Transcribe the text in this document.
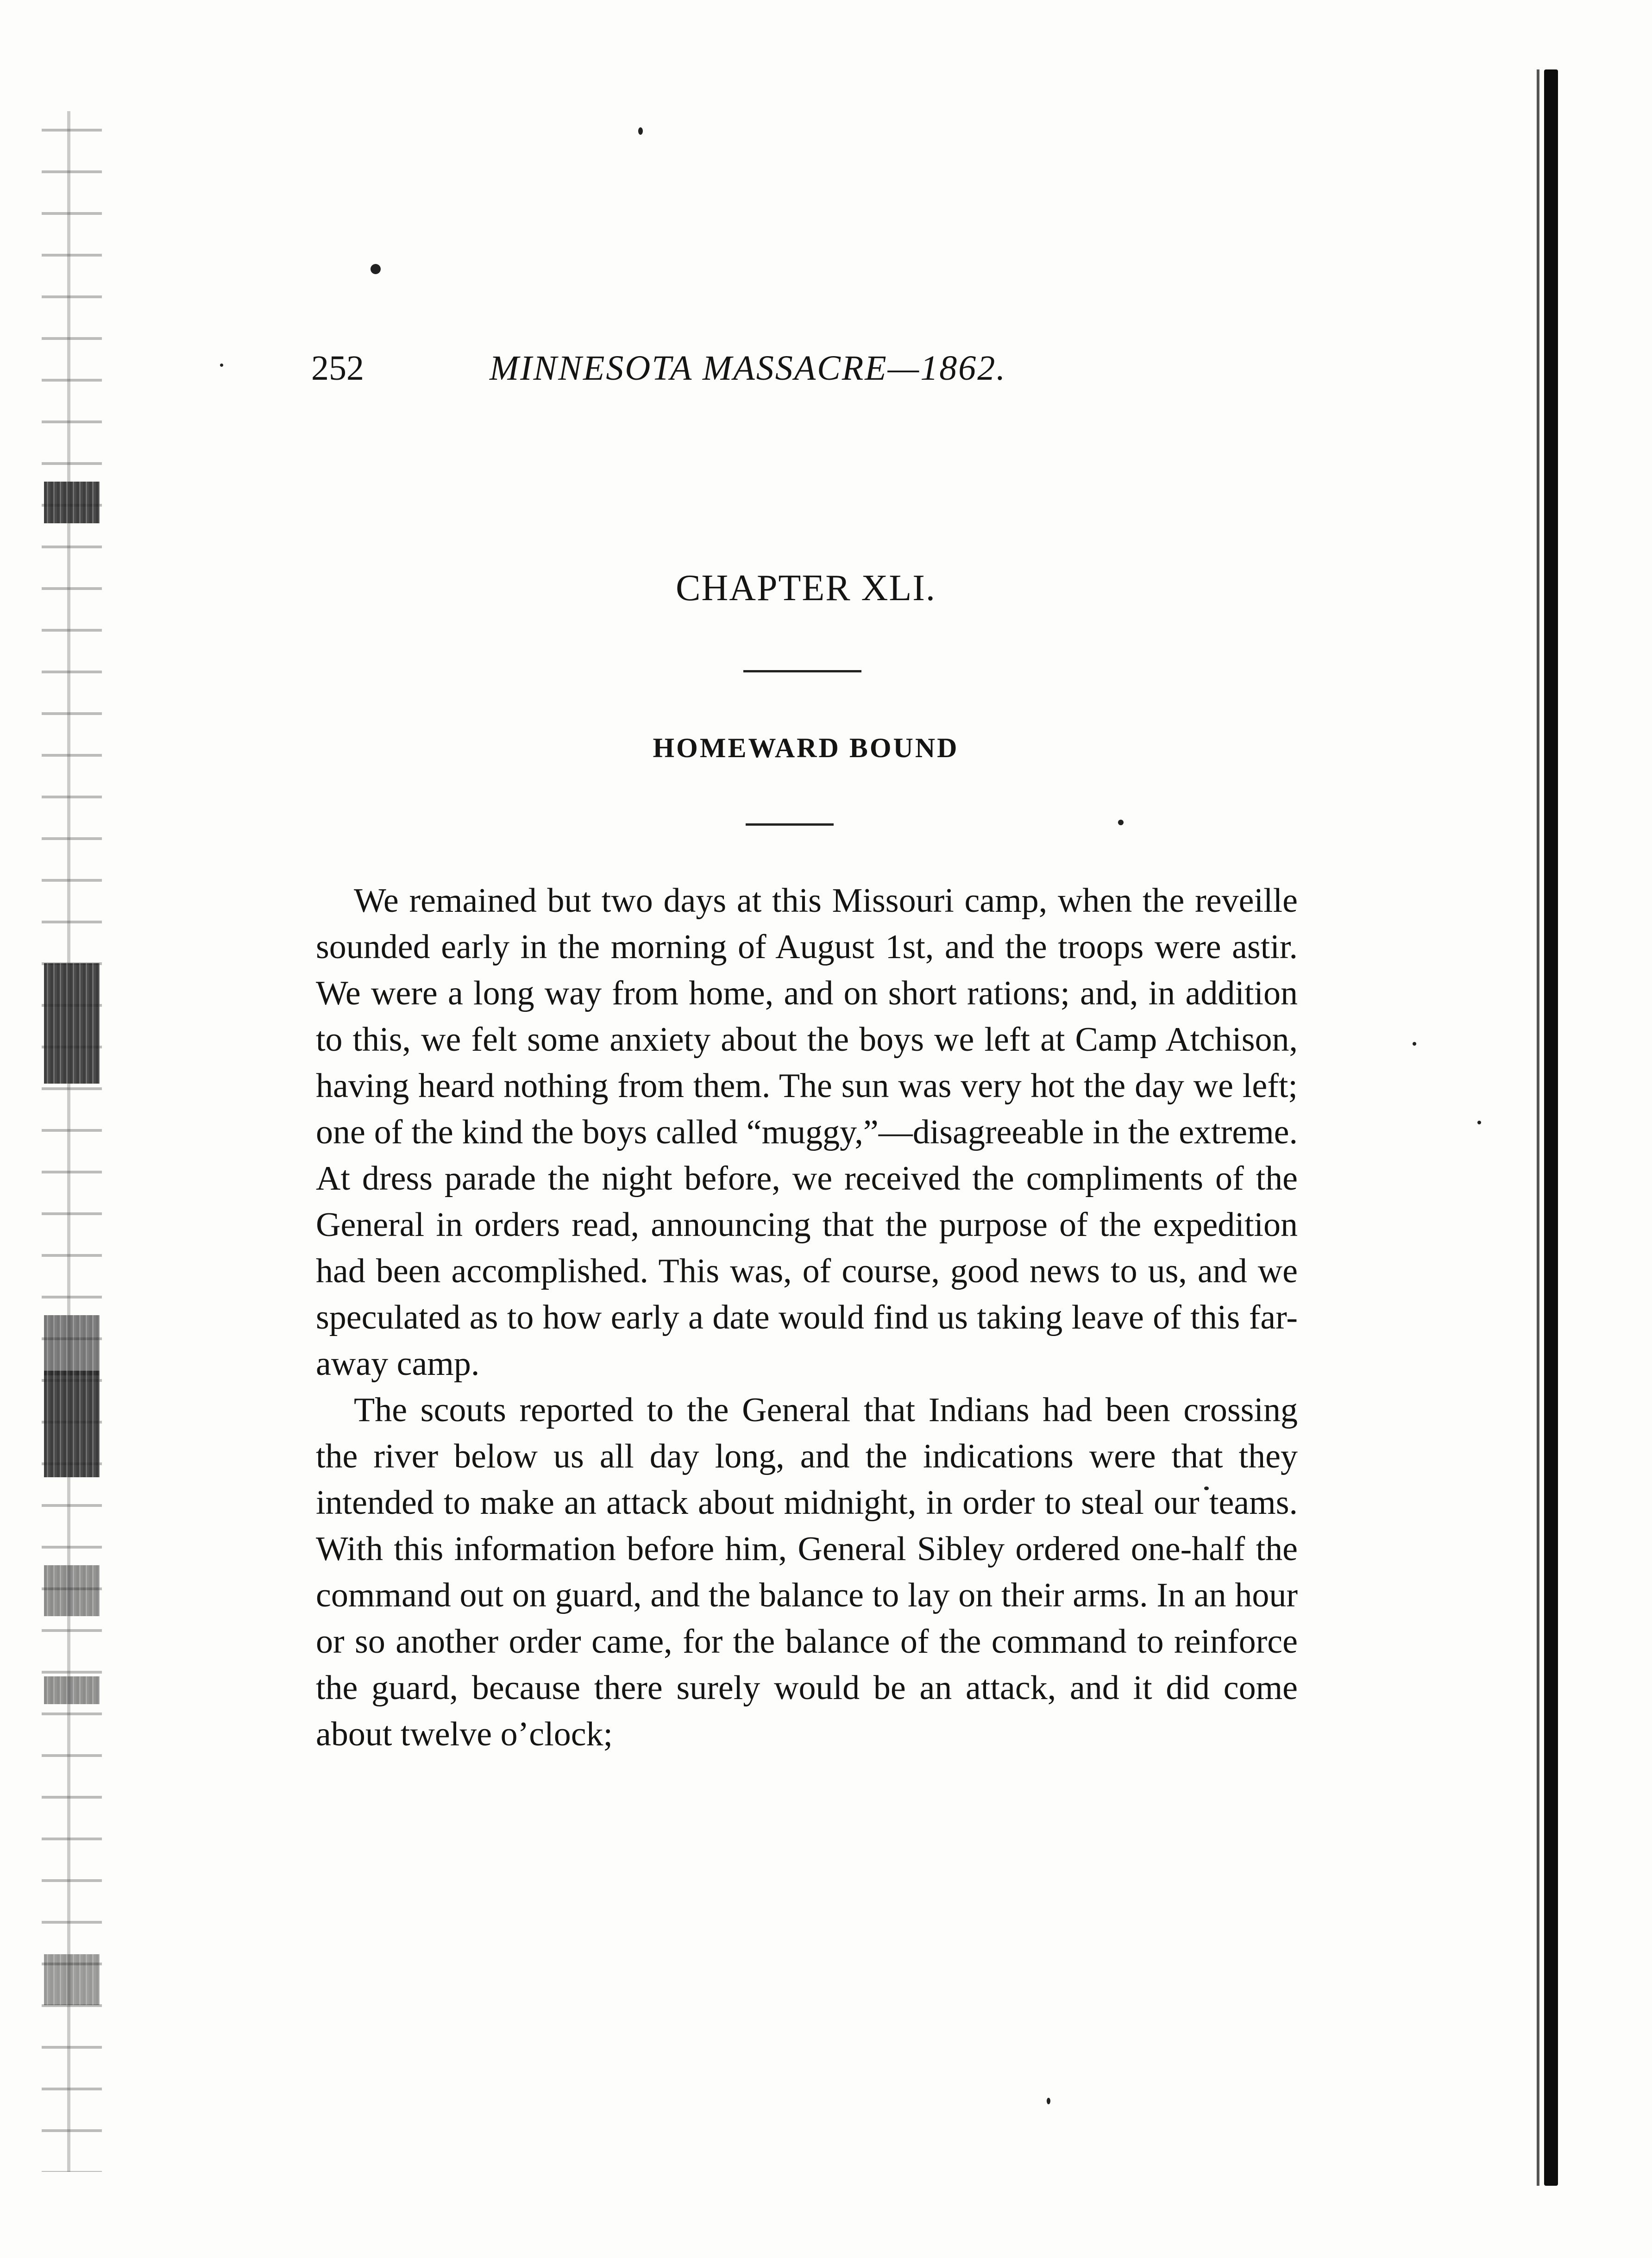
252	MINNESOTA MASSACRE—1862.
CHAPTER XLI.
HOMEWARD BOUND

We remained but two days at this Missouri camp, when the reveille sounded early in the morning of August 1st, and the troops were astir. We were a long way from home, and on short rations; and, in addition to this, we felt some anxiety about the boys we left at Camp Atchison, having heard nothing from them. The sun was very hot the day we left; one of the kind the boys called “muggy,”—disagreeable in the extreme. At dress parade the night before, we received the compliments of the General in orders read, announcing that the purpose of the expedition had been accomplished. This was, of course, good news to us, and we speculated as to how early a date would find us taking leave of this far-away camp.

The scouts reported to the General that Indians had been crossing the river below us all day long, and the indications were that they intended to make an attack about midnight, in order to steal our teams. With this information before him, General Sibley ordered one-half the command out on guard, and the balance to lay on their arms. In an hour or so another order came, for the balance of the command to reinforce the guard, because there surely would be an attack, and it did come about twelve o’clock;
